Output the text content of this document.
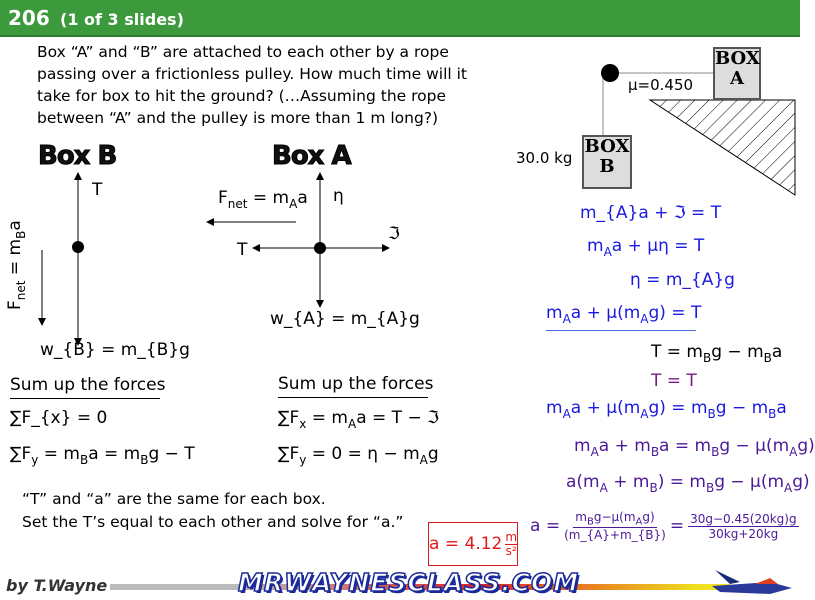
206 (1 of 3 slides)
Box “A” and “B” are attached to each other by a rope
passing over a frictionless pulley. How much time will it
take for box to hit the ground? (…Assuming the rope
between “A” and the pulley is more than 1 m long?)
BOX A
BOX B
μ=0.450
30.0 kg
Box B
T
$F_{net} = m_Ba$
w_{B} = m_{B}g
Sum up the forces
∑F_{x} = 0
$\sum F_y = m_Ba = m_Bg - T$
Box A
$F_{net} = m_Aa$ η
T
ℑ
w_{A} = m_{A}g
Sum up the forces
$\sum F_x = m_Aa = T$ − ℑ
$\sum F_y = 0 = \eta - m_Ag$
“T” and “a” are the same for each box.
Set the T’s equal to each other and solve for “a.”
m_{A}a + ℑ = T
$m_Aa + \mu\eta = T$
η = m_{A}g
$m_Aa + \mu(m_Ag) = T$
$T = m_Bg - m_Ba$
T = T
$m_Aa + \mu(m_Ag) = m_Bg - m_Ba$
$m_Aa + m_Ba = m_Bg - \mu(m_Ag)$
$a(m_A + m_B) = m_Bg - \mu(m_Ag)$
$a = m_Bg-\mu(m_Ag)$
(m_{A}+m_{B}) = $\frac{30g-0.45(20kg)g}{30kg+20kg}$
a = 4.12 m
s²
by T.Wayne	MRWAYNESCLASS.COM
